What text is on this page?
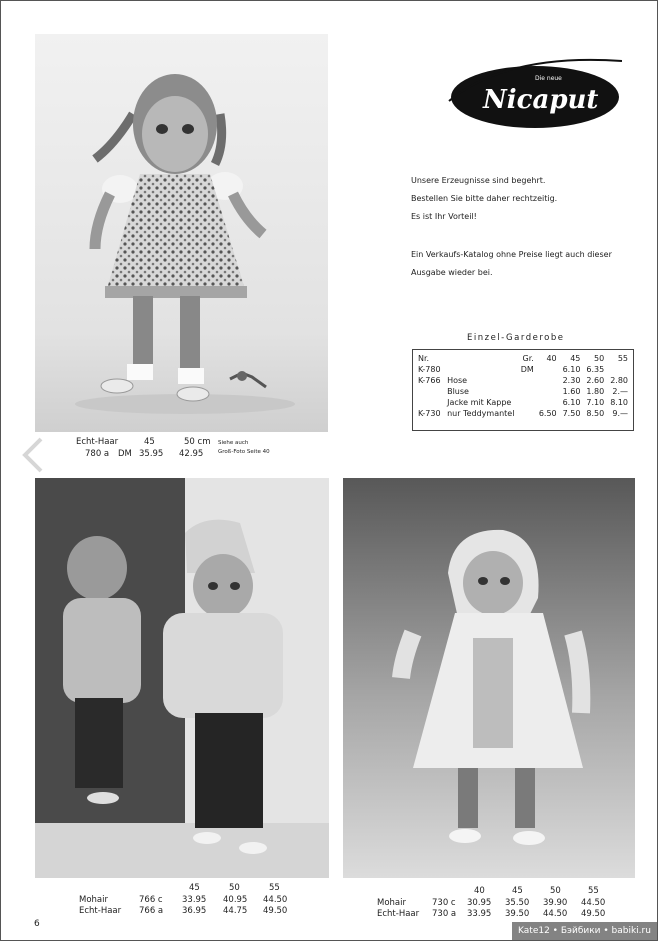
Echt-Haar	45	50 cm
780 a DM 35.95 42.95
Siehe auch
Groß-Foto Seite 40
Die neue
Nicaput
Unsere Erzeugnisse sind begehrt.
Bestellen Sie bitte daher rechtzeitig.
Es ist Ihr Vorteil!
Ein Verkaufs-Katalog ohne Preise liegt auch dieser
Ausgabe wieder bei.
Einzel-Garderobe
Nr.		Gr.	40	45	50	55
K-780		DM		6.10	6.35	
K-766	Hose			2.30	2.60	2.80
	Bluse			1.60	1.80	2.—
	Jacke mit Kappe			6.10	7.10	8.10
K-730	nur Teddymantel		6.50	7.50	8.50	9.—
45	50	55
Mohair	766 c 33.95 40.95 44.50
Echt-Haar 766 a 36.95 44.75 49.50
40	45	50	55
Mohair	730 c 30.95 35.50 39.90 44.50
Echt-Haar 730 a 33.95 39.50 44.50 49.50
6
Kate12 • Бэйбики • babiki.ru
